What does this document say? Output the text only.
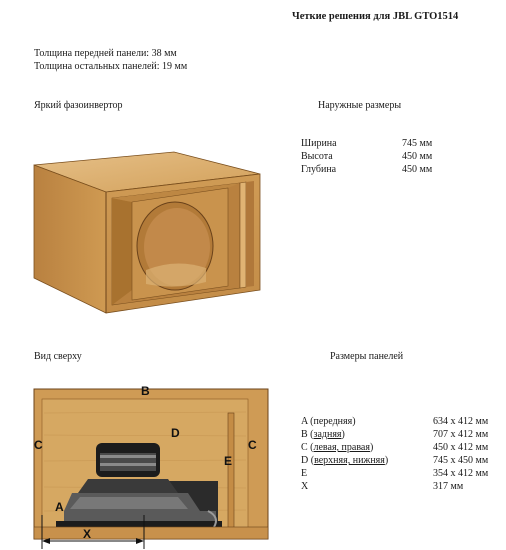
Четкие решения для JBL GTO1514
Толщина передней панели: 38 мм
Толщина остальных панелей: 19 мм
Яркий фазоинвертор	Наружные размеры
Ширина	745 мм
Высота	450 мм
Глубина	450 мм
Вид сверху	Размеры панелей
A (передняя)	634 x 412 мм
B (задняя)	707 x 412 мм
C (левая, правая)	450 x 412 мм
D (верхняя, нижняя)	745 x 450 мм
E	354 x 412 мм
X	317 мм
B
C	C
D
E
A
X
